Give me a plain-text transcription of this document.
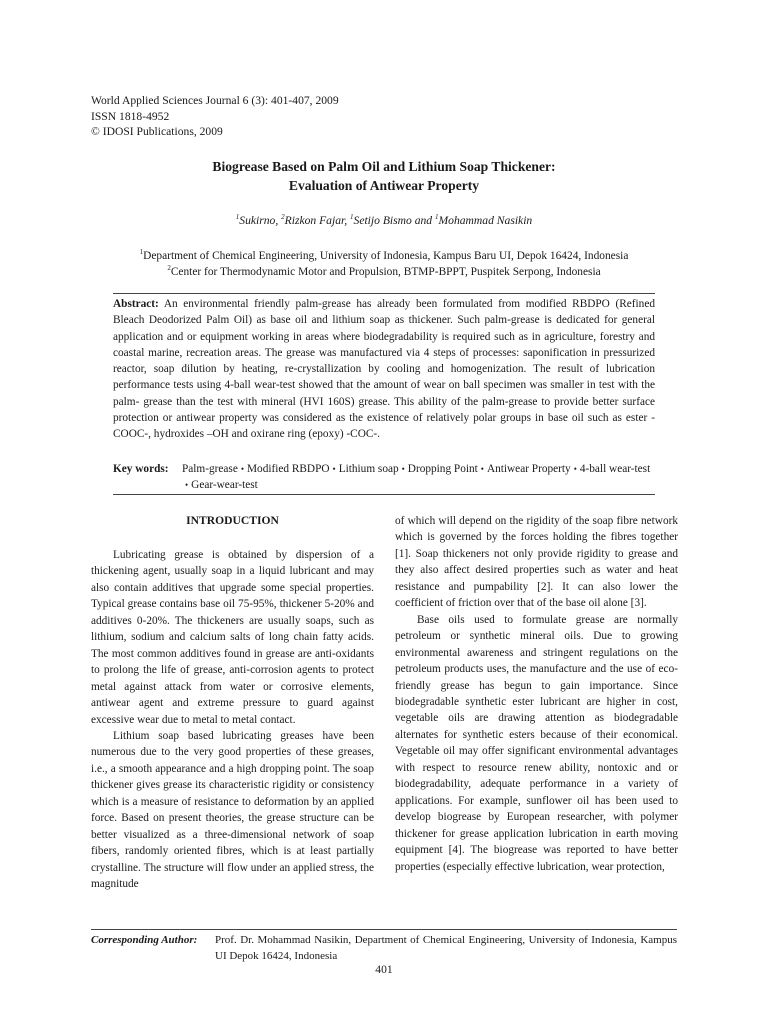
World Applied Sciences Journal 6 (3): 401-407, 2009
ISSN 1818-4952
© IDOSI Publications, 2009
Biogrease Based on Palm Oil and Lithium Soap Thickener:
Evaluation of Antiwear Property
$^1$Sukirno, $^2$Rizkon Fajar, $^1$Setijo Bismo and $^1$Mohammad Nasikin
$^1$Department of Chemical Engineering, University of Indonesia, Kampus Baru UI, Depok 16424, Indonesia
$^2$Center for Thermodynamic Motor and Propulsion, BTMP-BPPT, Puspitek Serpong, Indonesia
Abstract: An environmental friendly palm-grease has already been formulated from modified RBDPO (Refined Bleach Deodorized Palm Oil) as base oil and lithium soap as thickener. Such palm-grease is dedicated for general application and or equipment working in areas where biodegradability is required such as in agriculture, forestry and coastal marine, recreation areas. The grease was manufactured via 4 steps of processes: saponification in pressurized reactor, soap dilution by heating, re-crystallization by cooling and homogenization. The result of lubrication performance tests using 4-ball wear-test showed that the amount of wear on ball specimen was smaller in test with the palm- grease than the test with mineral (HVI 160S) grease. This ability of the palm-grease to provide better surface protection or antiwear property was considered as the existence of relatively polar groups in base oil such as ester -COOC-, hydroxides –OH and oxirane ring (epoxy) -COC-.
Key words: Palm-grease • Modified RBDPO • Lithium soap • Dropping Point • Antiwear Property • 4-ball wear-test • Gear-wear-test
INTRODUCTION

Lubricating grease is obtained by dispersion of a thickening agent, usually soap in a liquid lubricant and may also contain additives that upgrade some special properties. Typical grease contains base oil 75-95%, thickener 5-20% and additives 0-20%. The thickeners are usually soaps, such as lithium, sodium and calcium salts of long chain fatty acids. The most common additives found in grease are anti-oxidants to prolong the life of grease, anti-corrosion agents to protect metal against attack from water or corrosive elements, antiwear agent and extreme pressure to guard against excessive wear due to metal to metal contact.

Lithium soap based lubricating greases have been numerous due to the very good properties of these greases, i.e., a smooth appearance and a high dropping point. The soap thickener gives grease its characteristic rigidity or consistency which is a measure of resistance to deformation by an applied force. Based on present theories, the grease structure can be better visualized as a three-dimensional network of soap fibers, randomly oriented fibres, which is at least partially crystalline. The structure will flow under an applied stress, the magnitude

of which will depend on the rigidity of the soap fibre network which is governed by the forces holding the fibres together [1]. Soap thickeners not only provide rigidity to grease and they also affect desired properties such as water and heat resistance and pumpability [2]. It can also lower the coefficient of friction over that of the base oil alone [3].

Base oils used to formulate grease are normally petroleum or synthetic mineral oils. Due to growing environmental awareness and stringent regulations on the petroleum products uses, the manufacture and the use of eco-friendly grease has begun to gain importance. Since biodegradable synthetic ester lubricant are higher in cost, vegetable oils are drawing attention as biodegradable alternates for synthetic esters because of their economical. Vegetable oil may offer significant environmental advantages with respect to resource renew ability, nontoxic and or biodegradability, adequate performance in a variety of applications. For example, sunflower oil has been used to develop biogrease by European researcher, with polymer thickener for grease application lubrication in earth moving equipment [4]. The biogrease was reported to have better properties (especially effective lubrication, wear protection,

Corresponding Author: Prof. Dr. Mohammad Nasikin, Department of Chemical Engineering, University of Indonesia, Kampus UI Depok 16424, Indonesia
401
